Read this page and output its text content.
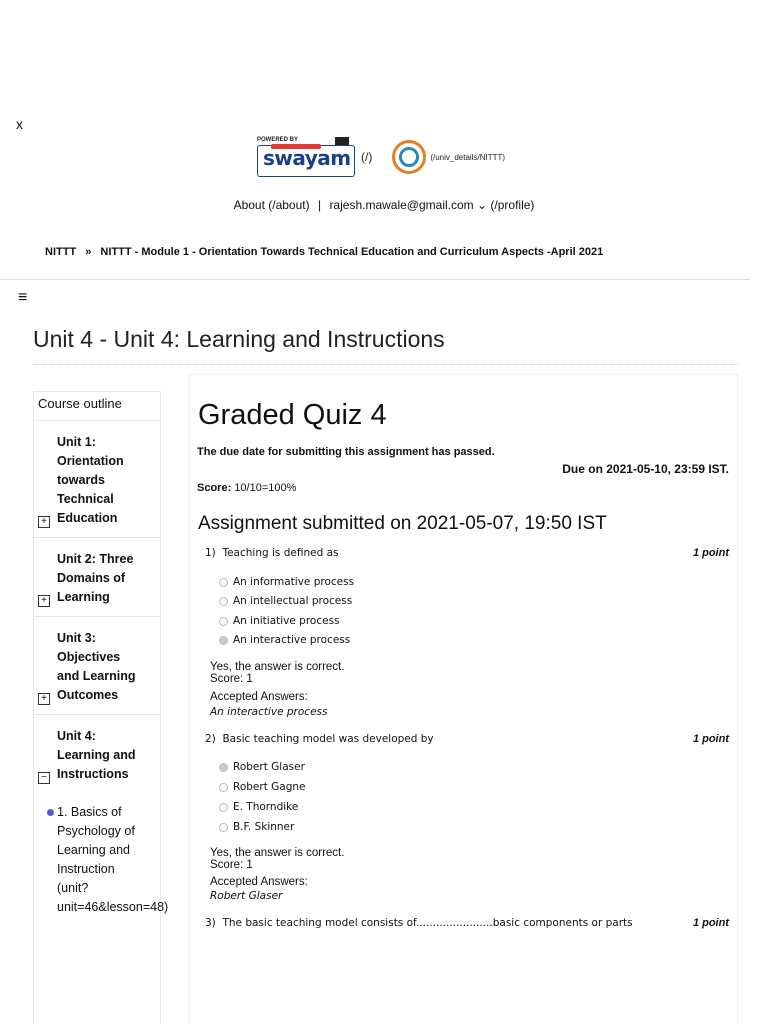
x
POWERED BY
swayam (/)	(/univ_details/NITTT)
About (/about) | rajesh.mawale@gmail.com ⌄ (/profile)
NITTT » NITTT - Module 1 - Orientation Towards Technical Education and Curriculum Aspects -April 2021
≡
Unit 4 - Unit 4: Learning and Instructions
Course outline
Unit 1:
Orientation
towards
Technical
Education
+
Unit 2: Three
Domains of
Learning
+
Unit 3:
Objectives
and Learning
Outcomes
+
Unit 4:
Learning and
Instructions
−
1. Basics of
Psychology of
Learning and
Instruction
(unit?
unit=46&lesson=48)
Graded Quiz 4
The due date for submitting this assignment has passed.
Due on 2021-05-10, 23:59 IST.
Score: 10/10=100%
Assignment submitted on 2021-05-07, 19:50 IST
1) Teaching is defined as	1 point
An informative process
An intellectual process
An initiative process
An interactive process
Yes, the answer is correct.
Score: 1
Accepted Answers:
An interactive process
2) Basic teaching model was developed by	1 point
Robert Glaser
Robert Gagne
E. Thorndike
B.F. Skinner
Yes, the answer is correct.
Score: 1
Accepted Answers:
Robert Glaser
3) The basic teaching model consists of.......................basic components or parts	1 point
